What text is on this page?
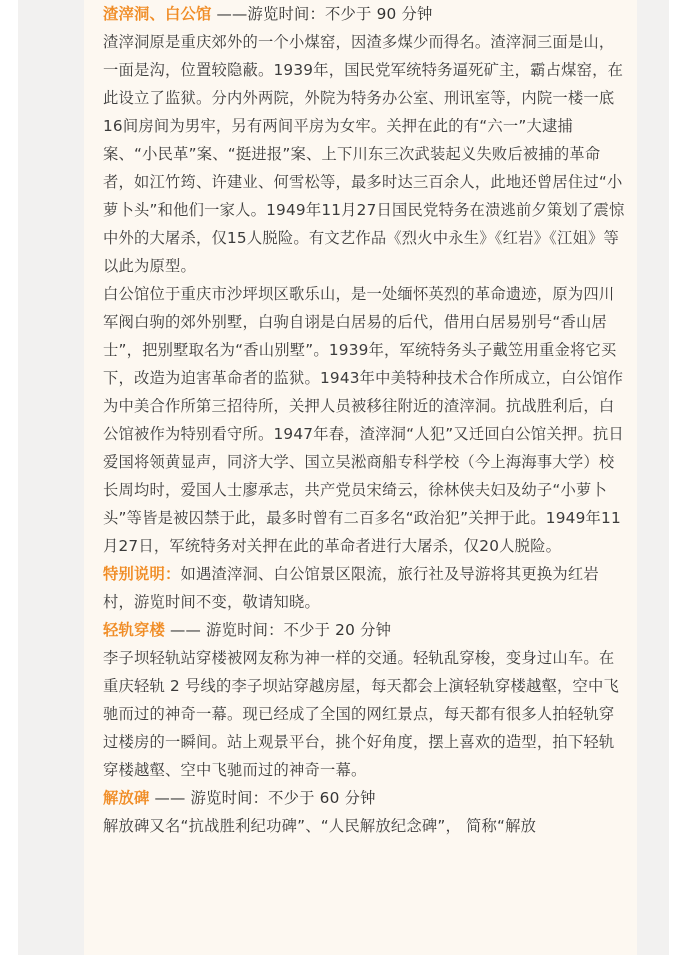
渣滓洞、白公馆 ——游览时间：不少于 90 分钟

渣滓洞原是重庆郊外的一个小煤窑，因渣多煤少而得名。渣滓洞三面是山，一面是沟，位置较隐蔽。1939年，国民党军统特务逼死矿主，霸占煤窑，在此设立了监狱。分内外两院，外院为特务办公室、刑讯室等，内院一楼一底16间房间为男牢，另有两间平房为女牢。关押在此的有“六一”大逮捕案、“小民革”案、“挺进报”案、上下川东三次武装起义失败后被捕的革命者，如江竹筠、许建业、何雪松等，最多时达三百余人，此地还曾居住过“小萝卜头”和他们一家人。1949年11月27日国民党特务在溃逃前夕策划了震惊中外的大屠杀，仅15人脱险。有文艺作品《烈火中永生》《红岩》《江姐》等以此为原型。

白公馆位于重庆市沙坪坝区歌乐山，是一处缅怀英烈的革命遗迹，原为四川军阀白驹的郊外别墅，白驹自诩是白居易的后代，借用白居易别号“香山居士”，把别墅取名为“香山别墅”。1939年，军统特务头子戴笠用重金将它买下，改造为迫害革命者的监狱。1943年中美特种技术合作所成立，白公馆作为中美合作所第三招待所，关押人员被移往附近的渣滓洞。抗战胜利后，白公馆被作为特别看守所。1947年春，渣滓洞“人犯”又迁回白公馆关押。抗日爱国将领黄显声，同济大学、国立吴淞商船专科学校（今上海海事大学）校长周均时，爱国人士廖承志，共产党员宋绮云，徐林侠夫妇及幼子“小萝卜头”等皆是被囚禁于此，最多时曾有二百多名“政治犯”关押于此。1949年11月27日，军统特务对关押在此的革命者进行大屠杀，仅20人脱险。

特别说明：如遇渣滓洞、白公馆景区限流，旅行社及导游将其更换为红岩村，游览时间不变，敬请知晓。

轻轨穿楼 —— 游览时间：不少于 20 分钟

李子坝轻轨站穿楼被网友称为神一样的交通。轻轨乱穿梭，变身过山车。在重庆轻轨 2 号线的李子坝站穿越房屋，每天都会上演轻轨穿楼越壑，空中飞驰而过的神奇一幕。现已经成了全国的网红景点，每天都有很多人拍轻轨穿过楼房的一瞬间。站上观景平台，挑个好角度，摆上喜欢的造型，拍下轻轨穿楼越壑、空中飞驰而过的神奇一幕。

解放碑 —— 游览时间：不少于 60 分钟

解放碑又名“抗战胜利纪功碑”、“人民解放纪念碑”， 简称“解放
